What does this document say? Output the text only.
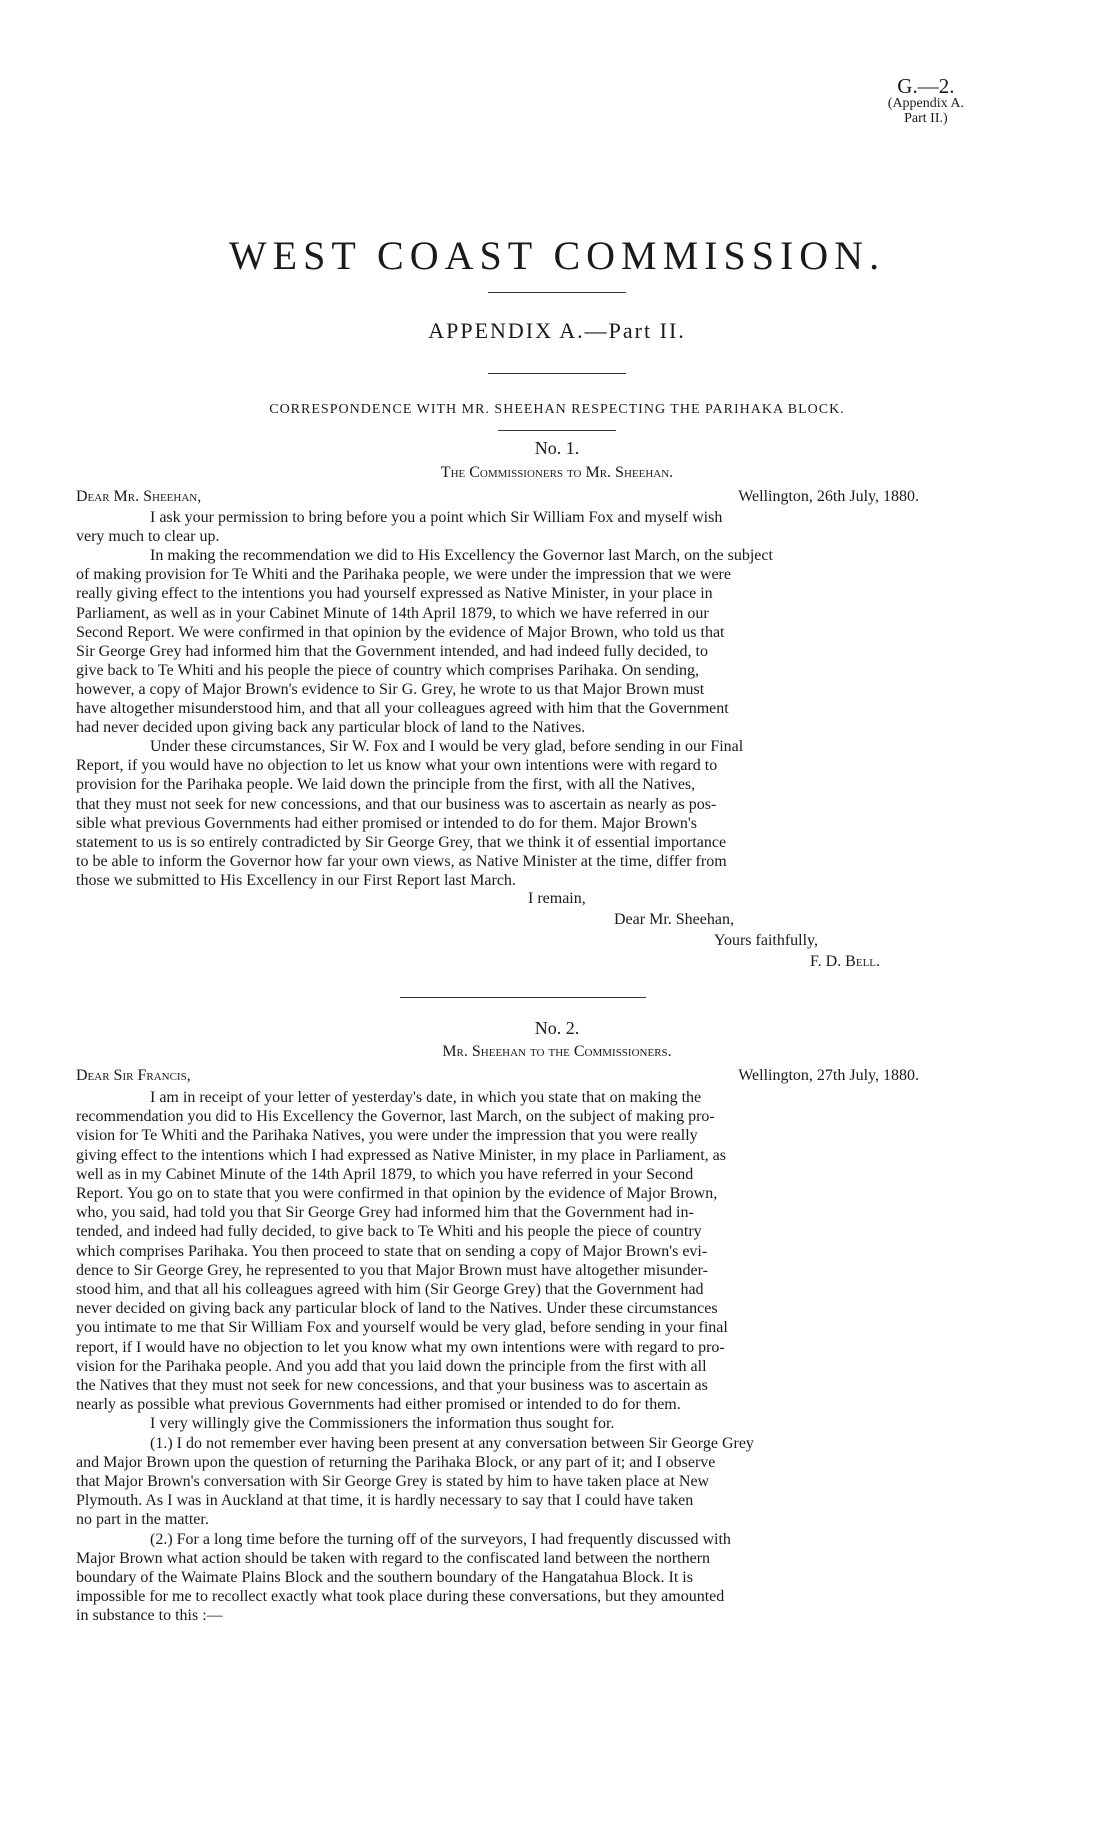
G.—2.
(Appendix A.
Part II.)
WEST COAST COMMISSION.
APPENDIX A.—Part II.
CORRESPONDENCE WITH MR. SHEEHAN RESPECTING THE PARIHAKA BLOCK.
No. 1.
The Commissioners to Mr. Sheehan.
Dear Mr. Sheehan,	Wellington, 26th July, 1880.
I ask your permission to bring before you a point which Sir William Fox and myself wish
very much to clear up.
In making the recommendation we did to His Excellency the Governor last March, on the subject
of making provision for Te Whiti and the Parihaka people, we were under the impression that we were
really giving effect to the intentions you had yourself expressed as Native Minister, in your place in
Parliament, as well as in your Cabinet Minute of 14th April 1879, to which we have referred in our
Second Report. We were confirmed in that opinion by the evidence of Major Brown, who told us that
Sir George Grey had informed him that the Government intended, and had indeed fully decided, to
give back to Te Whiti and his people the piece of country which comprises Parihaka. On sending,
however, a copy of Major Brown's evidence to Sir G. Grey, he wrote to us that Major Brown must
have altogether misunderstood him, and that all your colleagues agreed with him that the Government
had never decided upon giving back any particular block of land to the Natives.
Under these circumstances, Sir W. Fox and I would be very glad, before sending in our Final
Report, if you would have no objection to let us know what your own intentions were with regard to
provision for the Parihaka people. We laid down the principle from the first, with all the Natives,
that they must not seek for new concessions, and that our business was to ascertain as nearly as pos-
sible what previous Governments had either promised or intended to do for them. Major Brown's
statement to us is so entirely contradicted by Sir George Grey, that we think it of essential importance
to be able to inform the Governor how far your own views, as Native Minister at the time, differ from
those we submitted to His Excellency in our First Report last March.
I remain,
Dear Mr. Sheehan,
Yours faithfully,
F. D. Bell.
No. 2.
Mr. Sheehan to the Commissioners.
Dear Sir Francis,	Wellington, 27th July, 1880.
I am in receipt of your letter of yesterday's date, in which you state that on making the
recommendation you did to His Excellency the Governor, last March, on the subject of making pro-
vision for Te Whiti and the Parihaka Natives, you were under the impression that you were really
giving effect to the intentions which I had expressed as Native Minister, in my place in Parliament, as
well as in my Cabinet Minute of the 14th April 1879, to which you have referred in your Second
Report. You go on to state that you were confirmed in that opinion by the evidence of Major Brown,
who, you said, had told you that Sir George Grey had informed him that the Government had in-
tended, and indeed had fully decided, to give back to Te Whiti and his people the piece of country
which comprises Parihaka. You then proceed to state that on sending a copy of Major Brown's evi-
dence to Sir George Grey, he represented to you that Major Brown must have altogether misunder-
stood him, and that all his colleagues agreed with him (Sir George Grey) that the Government had
never decided on giving back any particular block of land to the Natives. Under these circumstances
you intimate to me that Sir William Fox and yourself would be very glad, before sending in your final
report, if I would have no objection to let you know what my own intentions were with regard to pro-
vision for the Parihaka people. And you add that you laid down the principle from the first with all
the Natives that they must not seek for new concessions, and that your business was to ascertain as
nearly as possible what previous Governments had either promised or intended to do for them.
I very willingly give the Commissioners the information thus sought for.
(1.) I do not remember ever having been present at any conversation between Sir George Grey
and Major Brown upon the question of returning the Parihaka Block, or any part of it; and I observe
that Major Brown's conversation with Sir George Grey is stated by him to have taken place at New
Plymouth. As I was in Auckland at that time, it is hardly necessary to say that I could have taken
no part in the matter.
(2.) For a long time before the turning off of the surveyors, I had frequently discussed with
Major Brown what action should be taken with regard to the confiscated land between the northern
boundary of the Waimate Plains Block and the southern boundary of the Hangatahua Block. It is
impossible for me to recollect exactly what took place during these conversations, but they amounted
in substance to this :—
